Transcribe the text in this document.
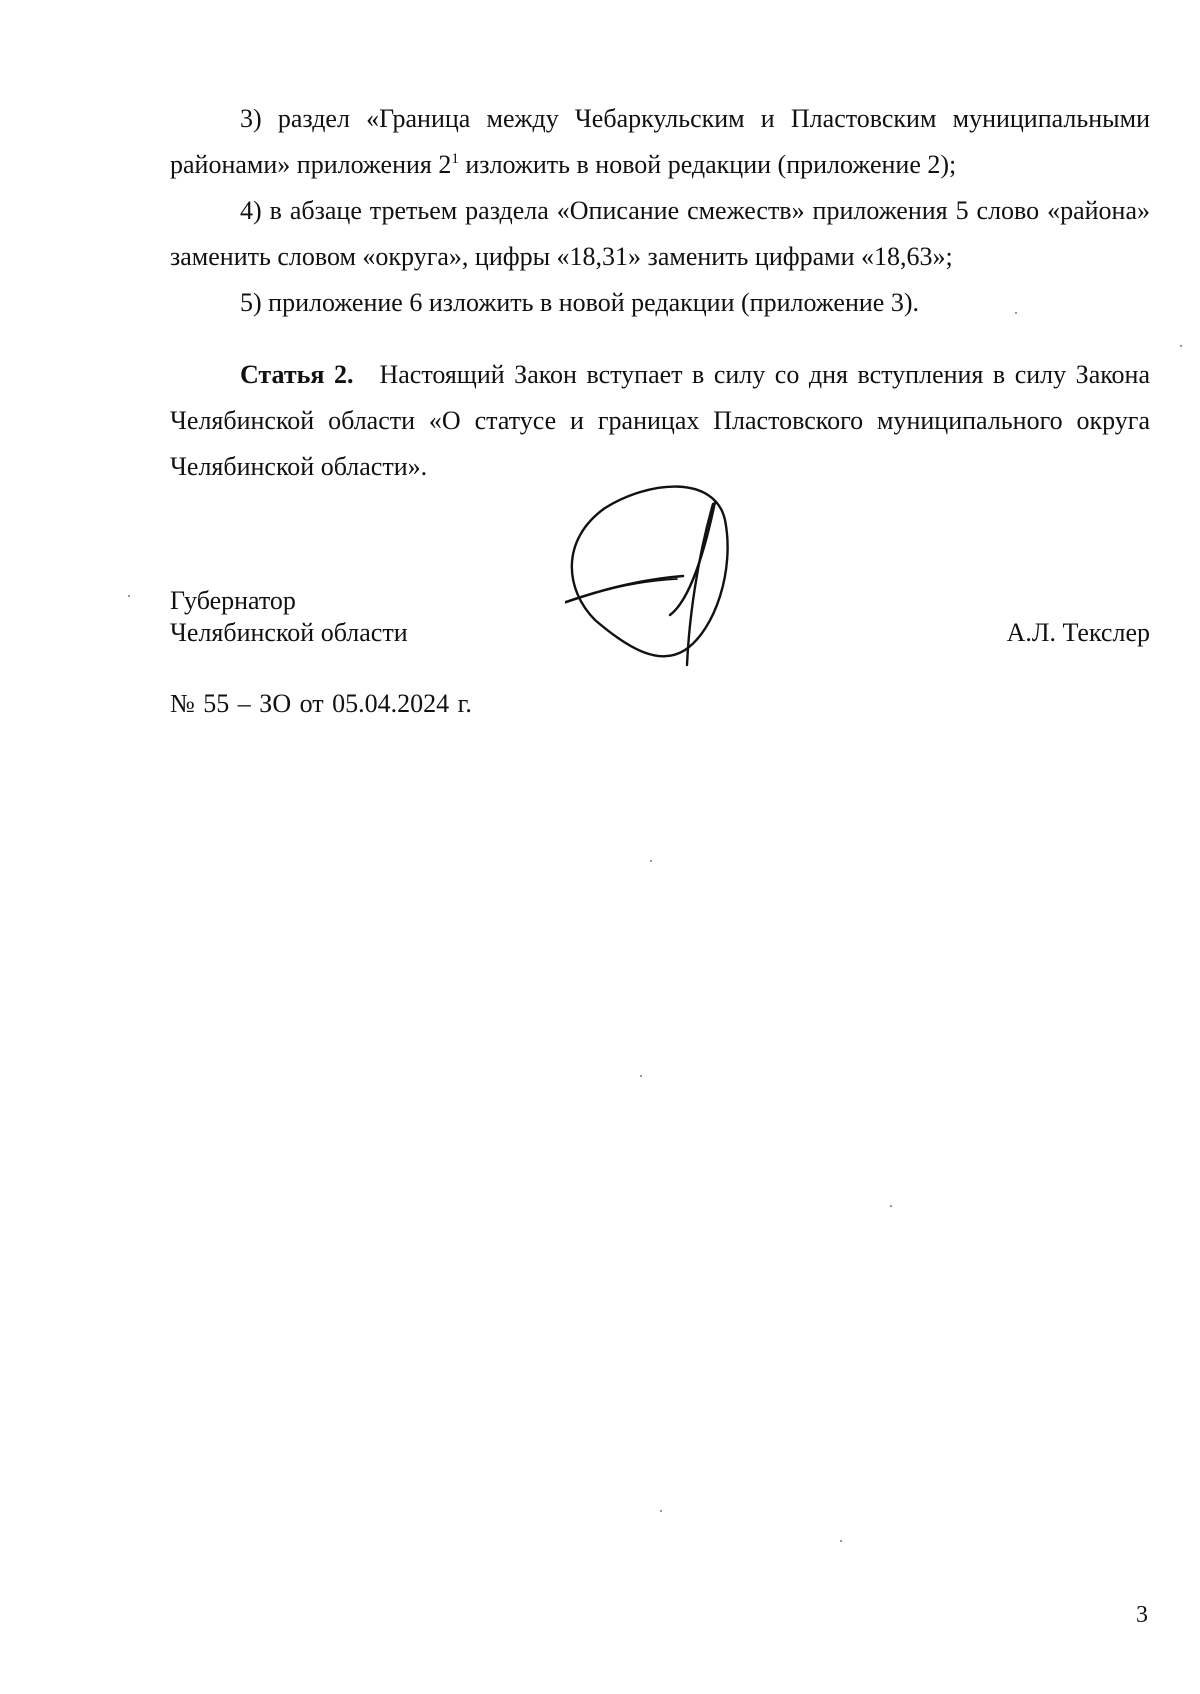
3) раздел «Граница между Чебаркульским и Пластовским муниципальными районами» приложения $2^1$ изложить в новой редакции (приложение 2);

4) в абзаце третьем раздела «Описание смежеств» приложения 5 слово «района» заменить словом «округа», цифры «18,31» заменить цифрами «18,63»;

5) приложение 6 изложить в новой редакции (приложение 3).

Статья 2. Настоящий Закон вступает в силу со дня вступления в силу Закона Челябинской области «О статусе и границах Пластовского муниципального округа Челябинской области».

Губернатор
Челябинской области	А.Л. Текслер
№ 55 – ЗО от 05.04.2024 г.
3
